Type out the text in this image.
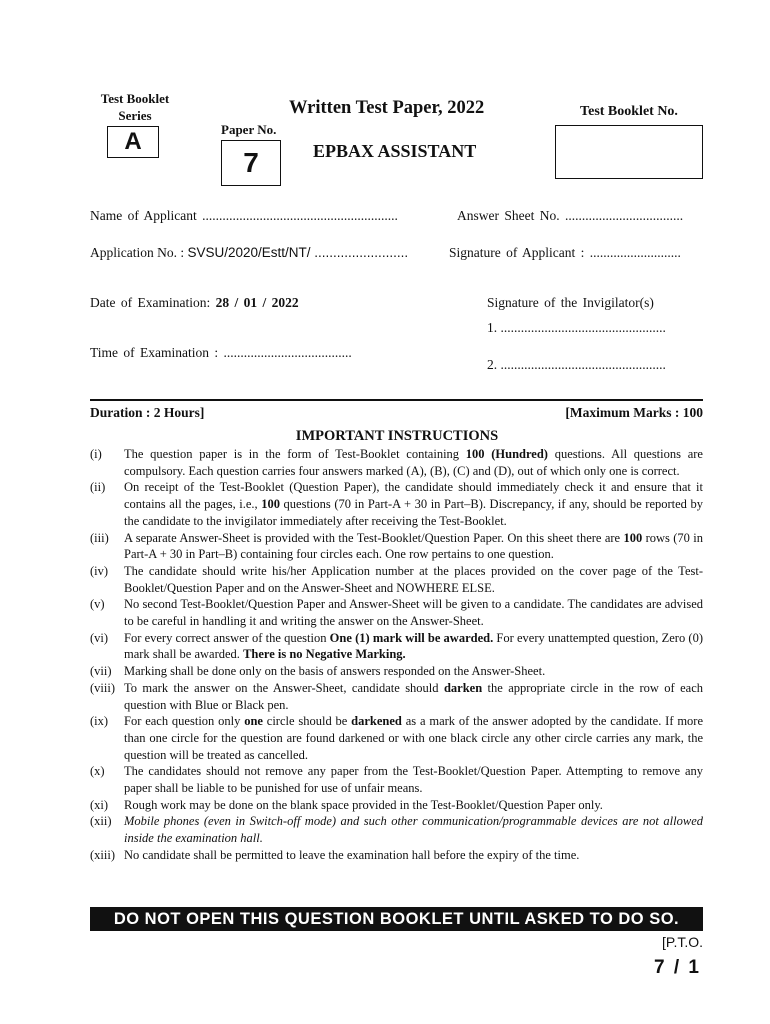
Test Booklet Series
A
Written Test Paper, 2022
Paper No.
7	EPBAX ASSISTANT
Test Booklet No.
Name of Applicant ..........................................................	Answer Sheet No. ...................................
Application No. : SVSU/2020/Estt/NT/ .........................	Signature of Applicant : ...........................
Date of Examination: 28 / 01 / 2022	Signature of the Invigilator(s)
1. .................................................
Time of Examination : ......................................
2. .................................................
Duration : 2 Hours]	[Maximum Marks : 100
IMPORTANT INSTRUCTIONS
(i)	The question paper is in the form of Test-Booklet containing 100 (Hundred) questions. All questions are compulsory. Each question carries four answers marked (A), (B), (C) and (D), out of which only one is correct.
(ii)	On receipt of the Test-Booklet (Question Paper), the candidate should immediately check it and ensure that it contains all the pages, i.e., 100 questions (70 in Part-A + 30 in Part–B). Discrepancy, if any, should be reported by the candidate to the invigilator immediately after receiving the Test-Booklet.
(iii)	A separate Answer-Sheet is provided with the Test-Booklet/Question Paper. On this sheet there are 100 rows (70 in Part-A + 30 in Part–B) containing four circles each. One row pertains to one question.
(iv)	The candidate should write his/her Application number at the places provided on the cover page of the Test-Booklet/Question Paper and on the Answer-Sheet and NOWHERE ELSE.
(v)	No second Test-Booklet/Question Paper and Answer-Sheet will be given to a candidate. The candidates are advised to be careful in handling it and writing the answer on the Answer-Sheet.
(vi)	For every correct answer of the question One (1) mark will be awarded. For every unattempted question, Zero (0) mark shall be awarded. There is no Negative Marking.
(vii) Marking shall be done only on the basis of answers responded on the Answer-Sheet.
(viii) To mark the answer on the Answer-Sheet, candidate should darken the appropriate circle in the row of each question with Blue or Black pen.
(ix)	For each question only one circle should be darkened as a mark of the answer adopted by the candidate. If more than one circle for the question are found darkened or with one black circle any other circle carries any mark, the question will be treated as cancelled.
(x)	The candidates should not remove any paper from the Test-Booklet/Question Paper. Attempting to remove any paper shall be liable to be punished for use of unfair means.
(xi)	Rough work may be done on the blank space provided in the Test-Booklet/Question Paper only.
(xii) Mobile phones (even in Switch-off mode) and such other communication/programmable devices are not allowed inside the examination hall.
(xiii) No candidate shall be permitted to leave the examination hall before the expiry of the time.
DO NOT OPEN THIS QUESTION BOOKLET UNTIL ASKED TO DO SO.
[P.T.O.
7 / 1
